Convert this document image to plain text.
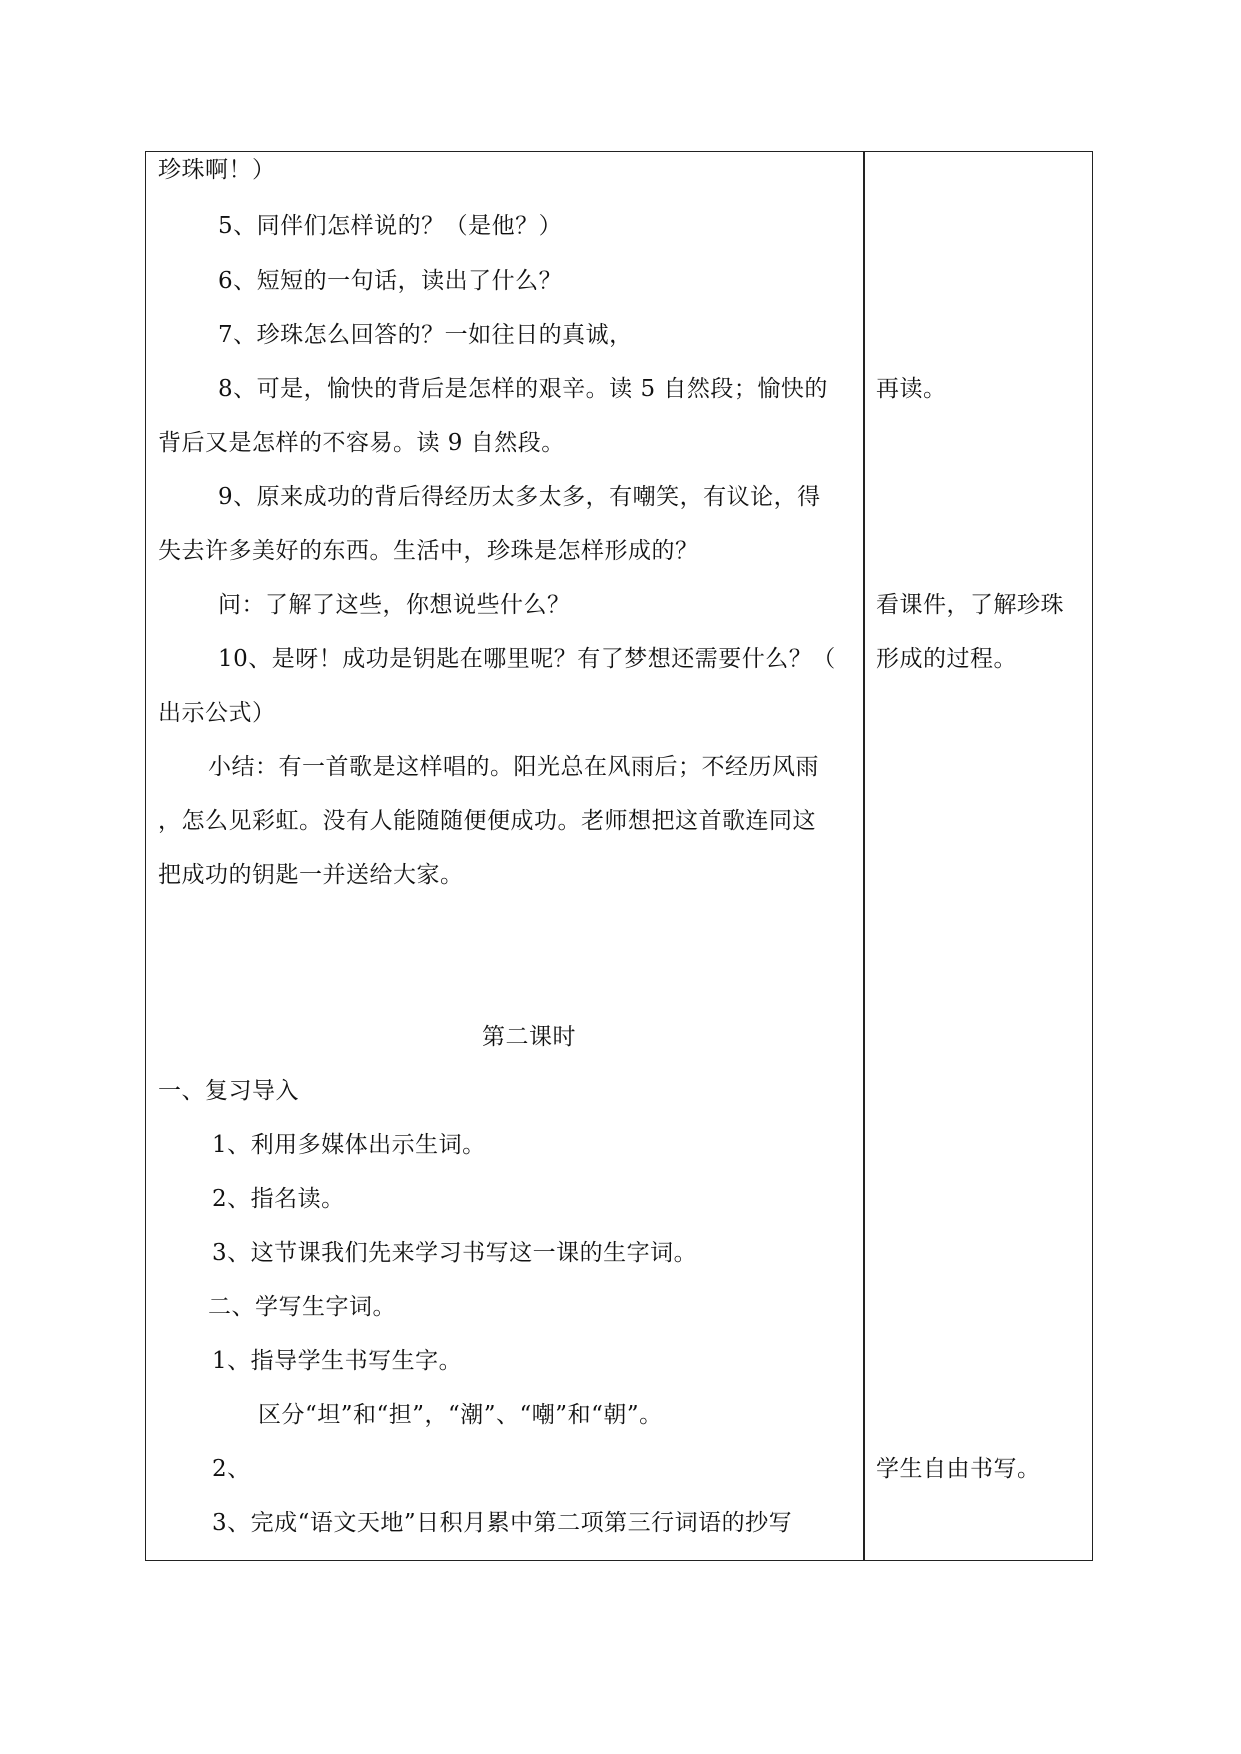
珍珠啊！）
5、同伴们怎样说的？（是他？）
6、短短的一句话，读出了什么？
7、珍珠怎么回答的？一如往日的真诚，
8、可是，愉快的背后是怎样的艰辛。读 5 自然段；愉快的
背后又是怎样的不容易。读 9 自然段。
9、原来成功的背后得经历太多太多，有嘲笑，有议论，得
失去许多美好的东西。生活中，珍珠是怎样形成的？
问：了解了这些，你想说些什么？
10、是呀！成功是钥匙在哪里呢？有了梦想还需要什么？（
出示公式）
小结：有一首歌是这样唱的。阳光总在风雨后；不经历风雨
，怎么见彩虹。没有人能随随便便成功。老师想把这首歌连同这
把成功的钥匙一并送给大家。
第二课时
一、复习导入
1、利用多媒体出示生词。
2、指名读。
3、这节课我们先来学习书写这一课的生字词。
二、学写生字词。
1、指导学生书写生字。
区分“坦”和“担”，“潮”、“嘲”和“朝”。
2、
3、完成“语文天地”日积月累中第二项第三行词语的抄写
再读。
看课件，了解珍珠
形成的过程。
学生自由书写。
